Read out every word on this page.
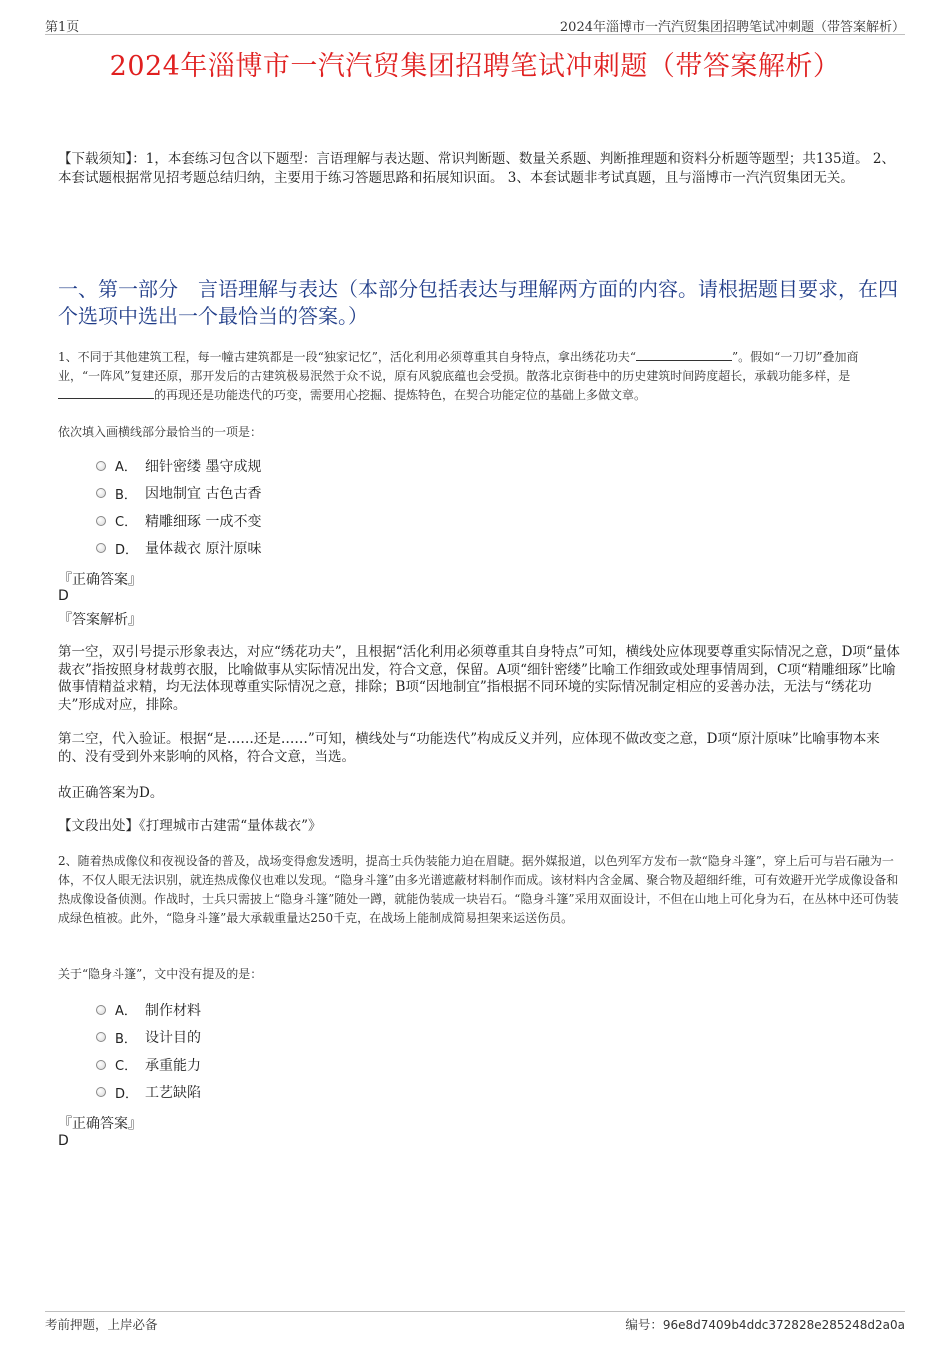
第1页	2024年淄博市一汽汽贸集团招聘笔试冲刺题（带答案解析）
2024年淄博市一汽汽贸集团招聘笔试冲刺题（带答案解析）
【下载须知】：1，本套练习包含以下题型：言语理解与表达题、常识判断题、数量关系题、判断推理题和资料分析题等题型；共135道。 2、本套试题根据常见招考题总结归纳，主要用于练习答题思路和拓展知识面。 3、本套试题非考试真题，且与淄博市一汽汽贸集团无关。
一、第一部分　言语理解与表达（本部分包括表达与理解两方面的内容。请根据题目要求，在四个选项中选出一个最恰当的答案。）
1、不同于其他建筑工程，每一幢古建筑都是一段“独家记忆”，活化利用必须尊重其自身特点，拿出绣花功夫“	”。假如“一刀切”叠加商业，“一阵风”复建还原，那开发后的古建筑极易泯然于众不说，原有风貌底蕴也会受损。散落北京街巷中的历史建筑时间跨度超长，承载功能多样，是的再现还是功能迭代的巧变，需要用心挖掘、提炼特色，在契合功能定位的基础上多做文章。
依次填入画横线部分最恰当的一项是：
A． 细针密缕 墨守成规
B． 因地制宜 古色古香
C． 精雕细琢 一成不变
D． 量体裁衣 原汁原味
『正确答案』
D
『答案解析』
第一空，双引号提示形象表达，对应“绣花功夫”，且根据“活化利用必须尊重其自身特点”可知，横线处应体现要尊重实际情况之意，D项“量体裁衣”指按照身材裁剪衣服，比喻做事从实际情况出发，符合文意，保留。A项“细针密缕”比喻工作细致或处理事情周到，C项“精雕细琢”比喻做事情精益求精，均无法体现尊重实际情况之意，排除；B项“因地制宜”指根据不同环境的实际情况制定相应的妥善办法，无法与“绣花功夫”形成对应，排除。
第二空，代入验证。根据“是……还是……”可知，横线处与“功能迭代”构成反义并列，应体现不做改变之意，D项“原汁原味”比喻事物本来的、没有受到外来影响的风格，符合文意，当选。
故正确答案为D。
【文段出处】《打理城市古建需“量体裁衣”》
2、随着热成像仪和夜视设备的普及，战场变得愈发透明，提高士兵伪装能力迫在眉睫。据外媒报道，以色列军方发布一款“隐身斗篷”，穿上后可与岩石融为一体，不仅人眼无法识别，就连热成像仪也难以发现。“隐身斗篷”由多光谱遮蔽材料制作而成。该材料内含金属、聚合物及超细纤维，可有效避开光学成像设备和热成像设备侦测。作战时，士兵只需披上“隐身斗篷”随处一蹲，就能伪装成一块岩石。“隐身斗篷”采用双面设计，不但在山地上可化身为石，在丛林中还可伪装成绿色植被。此外，“隐身斗篷”最大承载重量达250千克，在战场上能制成简易担架来运送伤员。
关于“隐身斗篷”，文中没有提及的是：
A． 制作材料
B． 设计目的
C． 承重能力
D． 工艺缺陷
『正确答案』
D
考前押题，上岸必备	编号：96e8d7409b4ddc372828e285248d2a0a
